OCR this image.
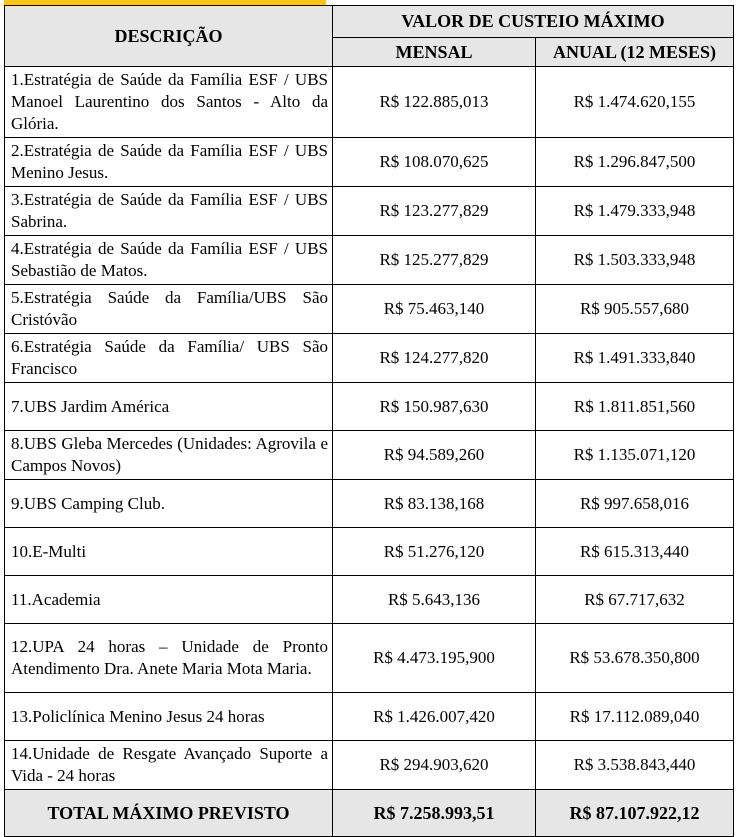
DESCRIÇÃO	VALOR DE CUSTEIO MÁXIMO	
	MENSAL	ANUAL (12 MESES)
1.Estratégia de Saúde da Família ESF / UBS Manoel Laurentino dos Santos - Alto da Glória.	R$ 122.885,013	R$ 1.474.620,155
2.Estratégia de Saúde da Família ESF / UBS Menino Jesus.	R$ 108.070,625	R$ 1.296.847,500
3.Estratégia de Saúde da Família ESF / UBS Sabrina.	R$ 123.277,829	R$ 1.479.333,948
4.Estratégia de Saúde da Família ESF / UBS Sebastião de Matos.	R$ 125.277,829	R$ 1.503.333,948
5.Estratégia Saúde da Família/UBS São Cristóvão	R$ 75.463,140	R$ 905.557,680
6.Estratégia Saúde da Família/ UBS São Francisco	R$ 124.277,820	R$ 1.491.333,840
7.UBS Jardim América	R$ 150.987,630	R$ 1.811.851,560
8.UBS Gleba Mercedes (Unidades: Agrovila e Campos Novos)	R$ 94.589,260	R$ 1.135.071,120
9.UBS Camping Club.	R$ 83.138,168	R$ 997.658,016
10.E-Multi	R$ 51.276,120	R$ 615.313,440
11.Academia	R$ 5.643,136	R$ 67.717,632
12.UPA 24 horas – Unidade de Pronto Atendimento Dra. Anete Maria Mota Maria.	R$ 4.473.195,900	R$ 53.678.350,800
13.Policlínica Menino Jesus 24 horas	R$ 1.426.007,420	R$ 17.112.089,040
14.Unidade de Resgate Avançado Suporte a Vida - 24 horas	R$ 294.903,620	R$ 3.538.843,440
TOTAL MÁXIMO PREVISTO	R$ 7.258.993,51	R$ 87.107.922,12
